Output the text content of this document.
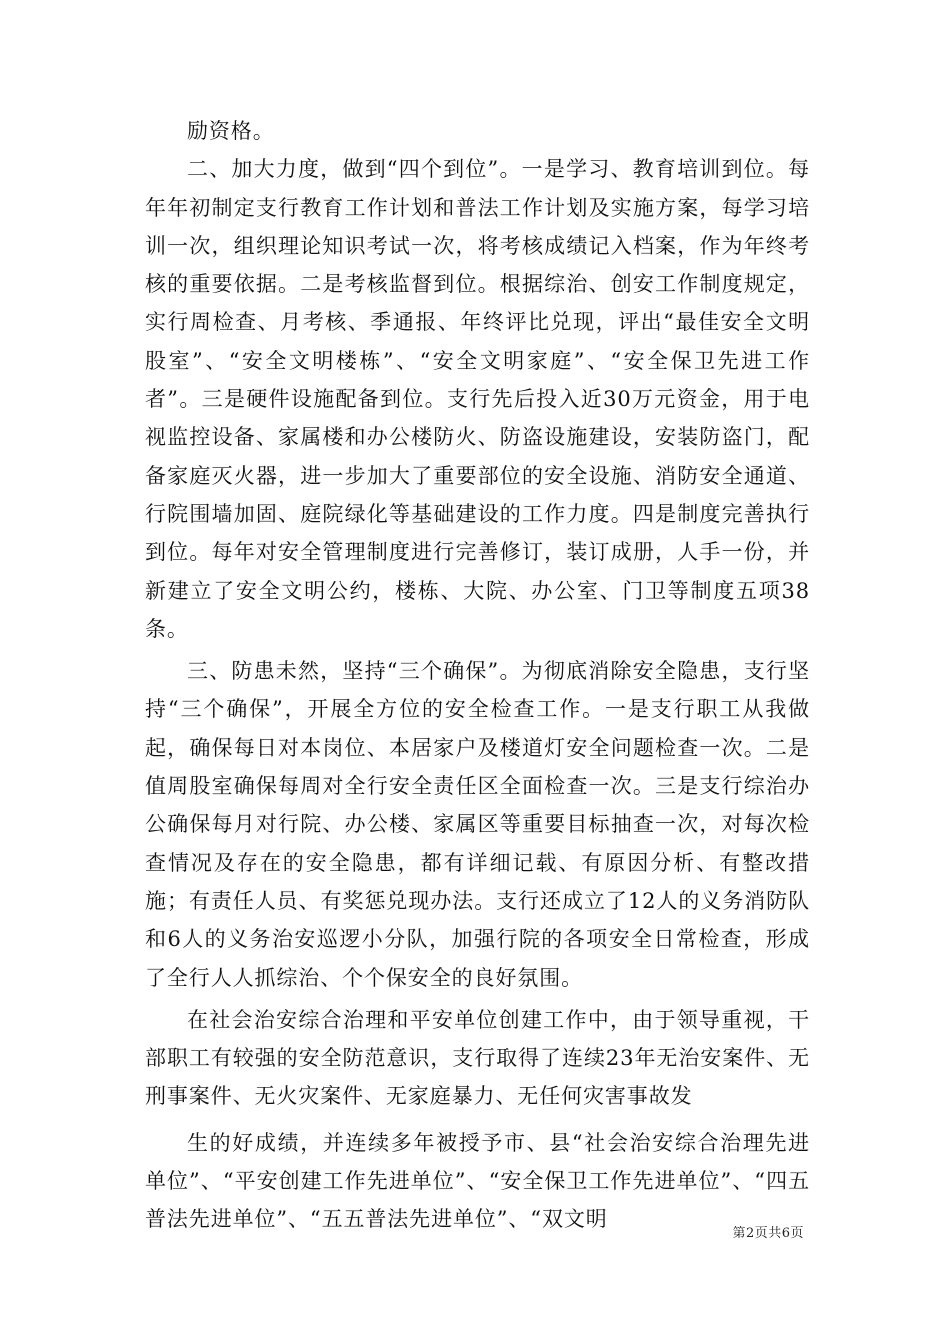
励资格。

二、加大力度，做到“四个到位”。一是学习、教育培训到位。每年年初制定支行教育工作计划和普法工作计划及实施方案，每学习培训一次，组织理论知识考试一次，将考核成绩记入档案，作为年终考核的重要依据。二是考核监督到位。根据综治、创安工作制度规定，实行周检查、月考核、季通报、年终评比兑现，评出“最佳安全文明股室”、“安全文明楼栋”、“安全文明家庭”、“安全保卫先进工作者”。三是硬件设施配备到位。支行先后投入近30万元资金，用于电视监控设备、家属楼和办公楼防火、防盗设施建设，安装防盗门，配备家庭灭火器，进一步加大了重要部位的安全设施、消防安全通道、行院围墙加固、庭院绿化等基础建设的工作力度。四是制度完善执行到位。每年对安全管理制度进行完善修订，装订成册，人手一份，并新建立了安全文明公约，楼栋、大院、办公室、门卫等制度五项38条。

三、防患未然，坚持“三个确保”。为彻底消除安全隐患，支行坚持“三个确保”，开展全方位的安全检查工作。一是支行职工从我做起，确保每日对本岗位、本居家户及楼道灯安全问题检查一次。二是值周股室确保每周对全行安全责任区全面检查一次。三是支行综治办公确保每月对行院、办公楼、家属区等重要目标抽查一次，对每次检查情况及存在的安全隐患，都有详细记载、有原因分析、有整改措施；有责任人员、有奖惩兑现办法。支行还成立了12人的义务消防队和6人的义务治安巡逻小分队，加强行院的各项安全日常检查，形成了全行人人抓综治、个个保安全的良好氛围。

在社会治安综合治理和平安单位创建工作中，由于领导重视，干部职工有较强的安全防范意识，支行取得了连续23年无治安案件、无刑事案件、无火灾案件、无家庭暴力、无任何灾害事故发

生的好成绩，并连续多年被授予市、县“社会治安综合治理先进单位”、“平安创建工作先进单位”、“安全保卫工作先进单位”、“四五普法先进单位”、“五五普法先进单位”、“双文明

第2页共6页
